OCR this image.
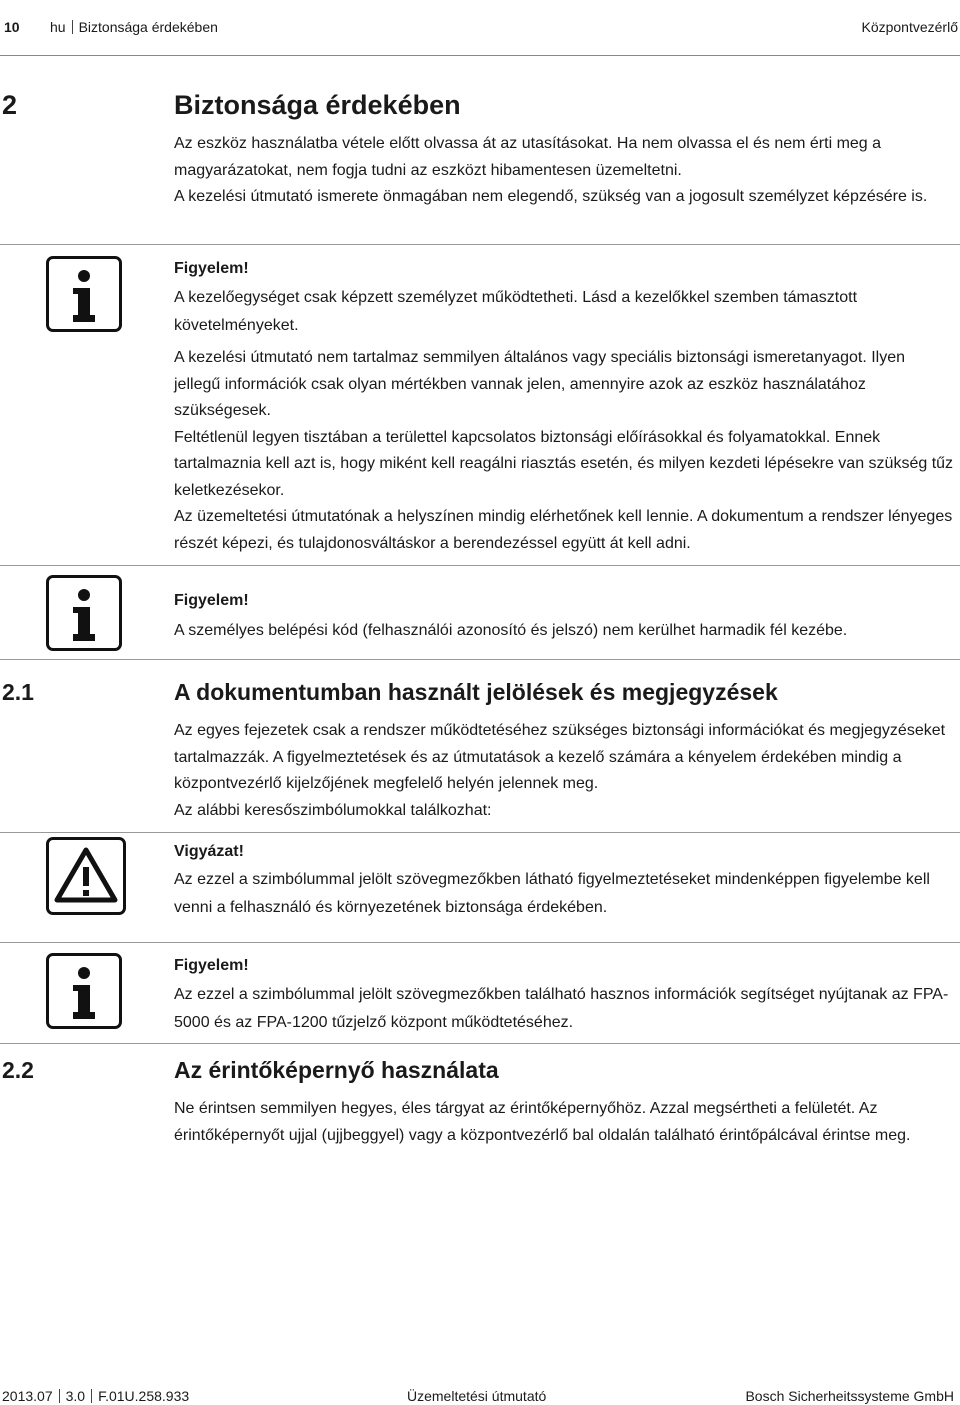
10 hu Biztonsága érdekében	Központvezérlő
2	Biztonsága érdekében

Az eszköz használatba vétele előtt olvassa át az utasításokat. Ha nem olvassa el és nem érti meg a magyarázatokat, nem fogja tudni az eszközt hibamentesen üzemeltetni.

A kezelési útmutató ismerete önmagában nem elegendő, szükség van a jogosult személyzet képzésére is.

Figyelem!
A kezelőegységet csak képzett személyzet működtetheti. Lásd a kezelőkkel szemben támasztott követelményeket.

A kezelési útmutató nem tartalmaz semmilyen általános vagy speciális biztonsági ismeretanyagot. Ilyen jellegű információk csak olyan mértékben vannak jelen, amennyire azok az eszköz használatához szükségesek.

Feltétlenül legyen tisztában a területtel kapcsolatos biztonsági előírásokkal és folyamatokkal. Ennek tartalmaznia kell azt is, hogy miként kell reagálni riasztás esetén, és milyen kezdeti lépésekre van szükség tűz keletkezésekor.

Az üzemeltetési útmutatónak a helyszínen mindig elérhetőnek kell lennie. A dokumentum a rendszer lényeges részét képezi, és tulajdonosváltáskor a berendezéssel együtt át kell adni.

Figyelem!
A személyes belépési kód (felhasználói azonosító és jelszó) nem kerülhet harmadik fél kezébe.
2.1	A dokumentumban használt jelölések és megjegyzések

Az egyes fejezetek csak a rendszer működtetéséhez szükséges biztonsági információkat és megjegyzéseket tartalmazzák. A figyelmeztetések és az útmutatások a kezelő számára a kényelem érdekében mindig a központvezérlő kijelzőjének megfelelő helyén jelennek meg.

Az alábbi keresőszimbólumokkal találkozhat:

Vigyázat!
Az ezzel a szimbólummal jelölt szövegmezőkben látható figyelmeztetéseket mindenképpen figyelembe kell venni a felhasználó és környezetének biztonsága érdekében.
Figyelem!
Az ezzel a szimbólummal jelölt szövegmezőkben található hasznos információk segítséget nyújtanak az FPA-5000 és az FPA-1200 tűzjelző központ működtetéséhez.
2.2	Az érintőképernyő használata

Ne érintsen semmilyen hegyes, éles tárgyat az érintőképernyőhöz. Azzal megsértheti a felületét. Az érintőképernyőt ujjal (ujjbeggyel) vagy a központvezérlő bal oldalán található érintőpálcával érintse meg.

2013.07 3.0 F.01U.258.933	Üzemeltetési útmutató	Bosch Sicherheitssysteme GmbH
